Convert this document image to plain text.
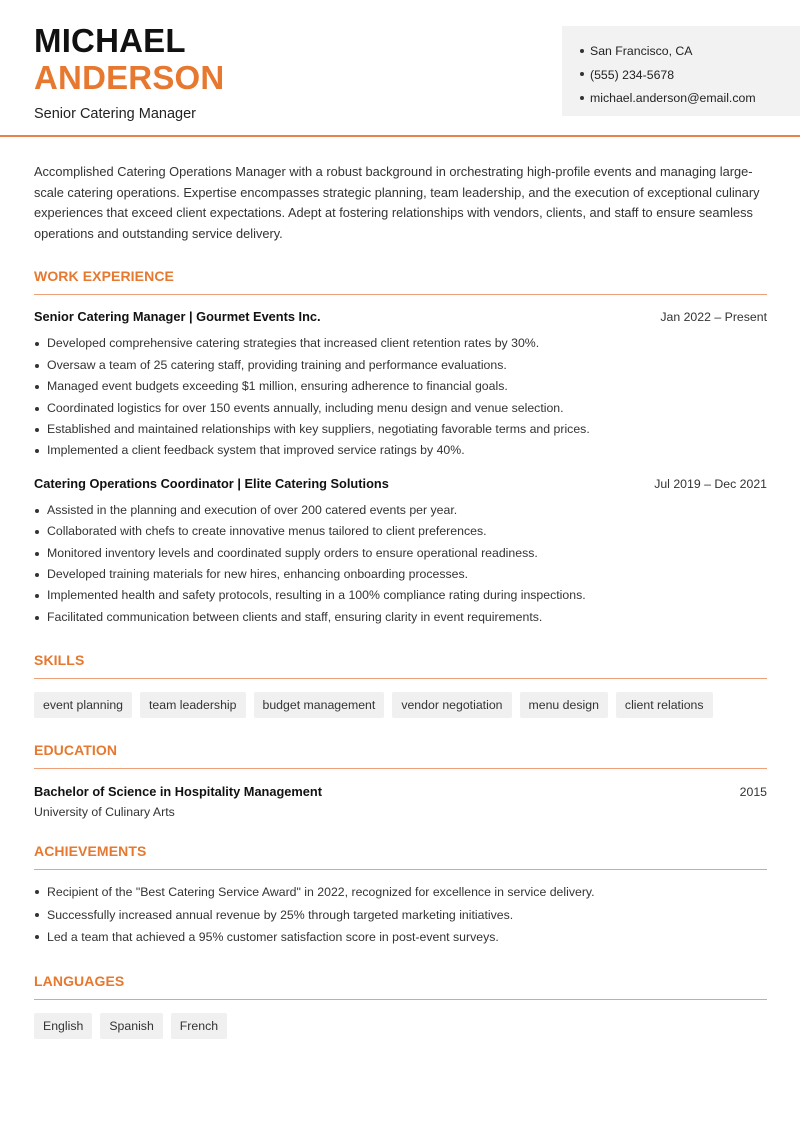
MICHAEL
ANDERSON
Senior Catering Manager
San Francisco, CA
(555) 234-5678
michael.anderson@email.com

Accomplished Catering Operations Manager with a robust background in orchestrating high-profile events and managing large-scale catering operations. Expertise encompasses strategic planning, team leadership, and the execution of exceptional culinary experiences that exceed client expectations. Adept at fostering relationships with vendors, clients, and staff to ensure seamless operations and outstanding service delivery.

WORK EXPERIENCE
Senior Catering Manager | Gourmet Events Inc.	Jan 2022 – Present
Developed comprehensive catering strategies that increased client retention rates by 30%.
Oversaw a team of 25 catering staff, providing training and performance evaluations.
Managed event budgets exceeding $1 million, ensuring adherence to financial goals.
Coordinated logistics for over 150 events annually, including menu design and venue selection.
Established and maintained relationships with key suppliers, negotiating favorable terms and prices.
Implemented a client feedback system that improved service ratings by 40%.
Catering Operations Coordinator | Elite Catering Solutions	Jul 2019 – Dec 2021
Assisted in the planning and execution of over 200 catered events per year.
Collaborated with chefs to create innovative menus tailored to client preferences.
Monitored inventory levels and coordinated supply orders to ensure operational readiness.
Developed training materials for new hires, enhancing onboarding processes.
Implemented health and safety protocols, resulting in a 100% compliance rating during inspections.
Facilitated communication between clients and staff, ensuring clarity in event requirements.
SKILLS
event planning	team leadership	budget management	vendor negotiation	menu design	client relations
EDUCATION
Bachelor of Science in Hospitality Management	2015
University of Culinary Arts
ACHIEVEMENTS
Recipient of the "Best Catering Service Award" in 2022, recognized for excellence in service delivery.
Successfully increased annual revenue by 25% through targeted marketing initiatives.
Led a team that achieved a 95% customer satisfaction score in post-event surveys.
LANGUAGES
English	Spanish	French
